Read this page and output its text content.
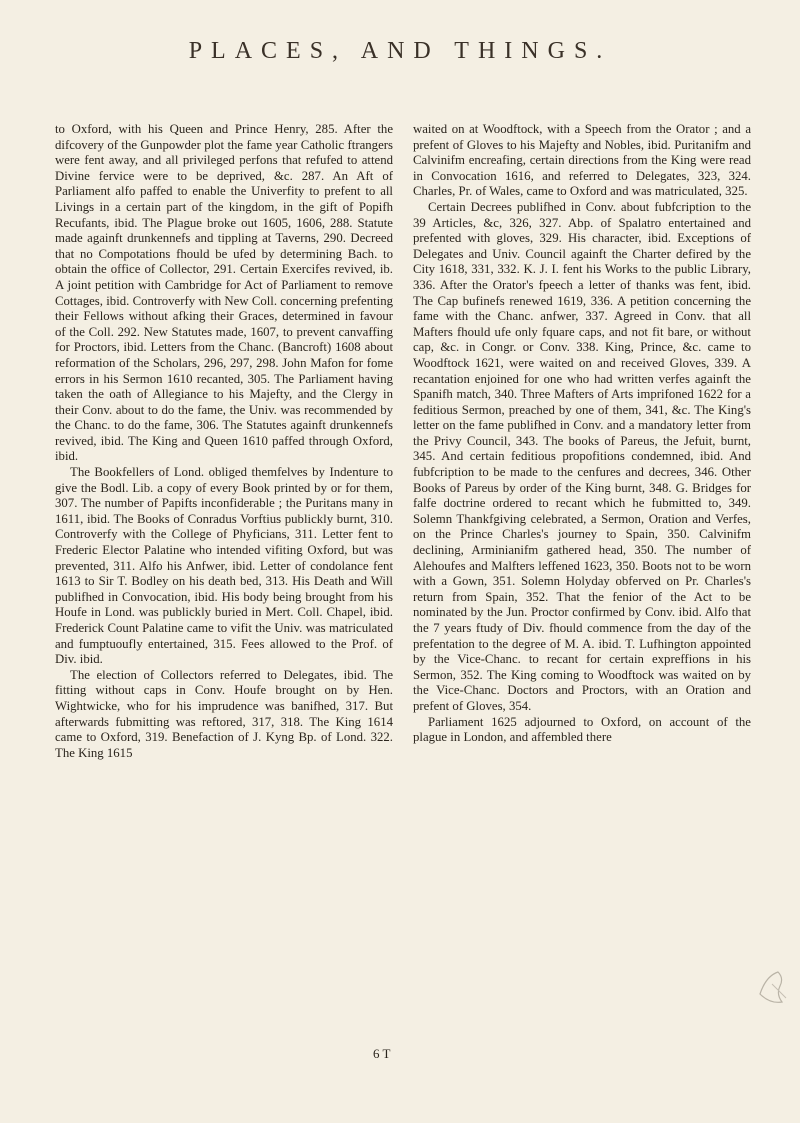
PLACES, AND THINGS.

to Oxford, with his Queen and Prince Henry, 285. After the difcovery of the Gunpowder plot the fame year Catholic ftrangers were fent away, and all privileged perfons that refufed to attend Divine fervice were to be deprived, &c. 287. An Aft of Parliament alfo paffed to enable the Univerfity to prefent to all Livings in a certain part of the kingdom, in the gift of Popifh Recufants, ibid. The Plague broke out 1605, 1606, 288. Statute made againft drunkennefs and tippling at Taverns, 290. Decreed that no Compotations fhould be ufed by determining Bach. to obtain the office of Collector, 291. Certain Exercifes revived, ib. A joint petition with Cambridge for Act of Parliament to remove Cottages, ibid. Controverfy with New Coll. concerning prefenting their Fellows without afking their Graces, determined in favour of the Coll. 292. New Statutes made, 1607, to prevent canvaffing for Proctors, ibid. Letters from the Chanc. (Bancroft) 1608 about reformation of the Scholars, 296, 297, 298. John Mafon for fome errors in his Sermon 1610 recanted, 305. The Parliament having taken the oath of Allegiance to his Majefty, and the Clergy in their Conv. about to do the fame, the Univ. was recommended by the Chanc. to do the fame, 306. The Statutes againft drunkennefs revived, ibid. The King and Queen 1610 paffed through Oxford, ibid.

The Bookfellers of Lond. obliged themfelves by Indenture to give the Bodl. Lib. a copy of every Book printed by or for them, 307. The number of Papifts inconfiderable ; the Puritans many in 1611, ibid. The Books of Conradus Vorftius publickly burnt, 310. Controverfy with the College of Phyficians, 311. Letter fent to Frederic Elector Palatine who intended vifiting Oxford, but was prevented, 311. Alfo his Anfwer, ibid. Letter of condolance fent 1613 to Sir T. Bodley on his death bed, 313. His Death and Will publifhed in Convocation, ibid. His body being brought from his Houfe in Lond. was publickly buried in Mert. Coll. Chapel, ibid. Frederick Count Palatine came to vifit the Univ. was matriculated and fumptuoufly entertained, 315. Fees allowed to the Prof. of Div. ibid.

The election of Collectors referred to Delegates, ibid. The fitting without caps in Conv. Houfe brought on by Hen. Wightwicke, who for his imprudence was banifhed, 317. But afterwards fubmitting was reftored, 317, 318. The King 1614 came to Oxford, 319. Benefaction of J. Kyng Bp. of Lond. 322. The King 1615

waited on at Woodftock, with a Speech from the Orator ; and a prefent of Gloves to his Majefty and Nobles, ibid. Puritanifm and Calvinifm encreafing, certain directions from the King were read in Convocation 1616, and referred to Delegates, 323, 324. Charles, Pr. of Wales, came to Oxford and was matriculated, 325.

Certain Decrees publifhed in Conv. about fubfcription to the 39 Articles, &c, 326, 327. Abp. of Spalatro entertained and prefented with gloves, 329. His character, ibid. Exceptions of Delegates and Univ. Council againft the Charter defired by the City 1618, 331, 332. K. J. I. fent his Works to the public Library, 336. After the Orator's fpeech a letter of thanks was fent, ibid. The Cap bufinefs renewed 1619, 336. A petition concerning the fame with the Chanc. anfwer, 337. Agreed in Conv. that all Mafters fhould ufe only fquare caps, and not fit bare, or without cap, &c. in Congr. or Conv. 338. King, Prince, &c. came to Woodftock 1621, were waited on and received Gloves, 339. A recantation enjoined for one who had written verfes againft the Spanifh match, 340. Three Mafters of Arts imprifoned 1622 for a feditious Sermon, preached by one of them, 341, &c. The King's letter on the fame publifhed in Conv. and a mandatory letter from the Privy Council, 343. The books of Pareus, the Jefuit, burnt, 345. And certain feditious propofitions condemned, ibid. And fubfcription to be made to the cenfures and decrees, 346. Other Books of Pareus by order of the King burnt, 348. G. Bridges for falfe doctrine ordered to recant which he fubmitted to, 349. Solemn Thankfgiving celebrated, a Sermon, Oration and Verfes, on the Prince Charles's journey to Spain, 350. Calvinifm declining, Arminianifm gathered head, 350. The number of Alehoufes and Malfters leffened 1623, 350. Boots not to be worn with a Gown, 351. Solemn Holyday obferved on Pr. Charles's return from Spain, 352. That the fenior of the Act to be nominated by the Jun. Proctor confirmed by Conv. ibid. Alfo that the 7 years ftudy of Div. fhould commence from the day of the prefentation to the degree of M. A. ibid. T. Lufhington appointed by the Vice-Chanc. to recant for certain expreffions in his Sermon, 352. The King coming to Woodftock was waited on by the Vice-Chanc. Doctors and Proctors, with an Oration and prefent of Gloves, 354.

Parliament 1625 adjourned to Oxford, on account of the plague in London, and affembled there

6 T
